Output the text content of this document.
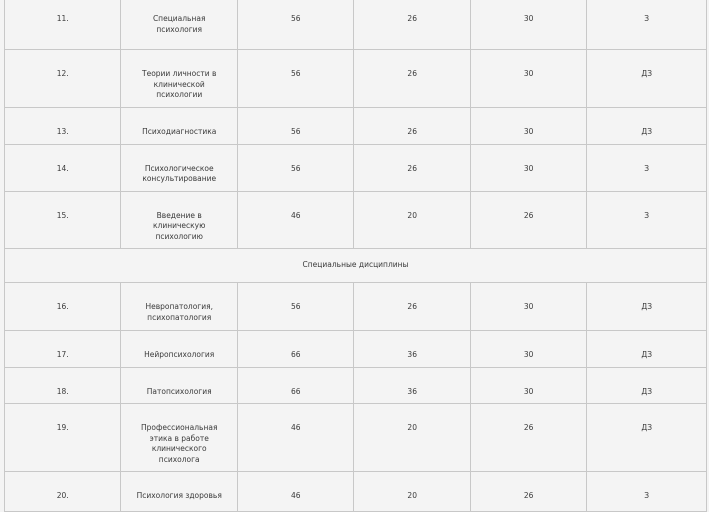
11.	Специальная психология	56	26	30	З
12.	Теории личности в клинической психологии	56	26	30	ДЗ
13.	Психодиагностика	56	26	30	ДЗ
14.	Психологическое консультирование	56	26	30	З
15.	Введение в клиническую психологию	46	20	26	З
Специальные дисциплины					
16.	Невропатология, психопатология	56	26	30	ДЗ
17.	Нейропсихология	66	36	30	ДЗ
18.	Патопсихология	66	36	30	ДЗ
19.	Профессиональная этика в работе клинического психолога	46	20	26	ДЗ
20.	Психология здоровья	46	20	26	З
